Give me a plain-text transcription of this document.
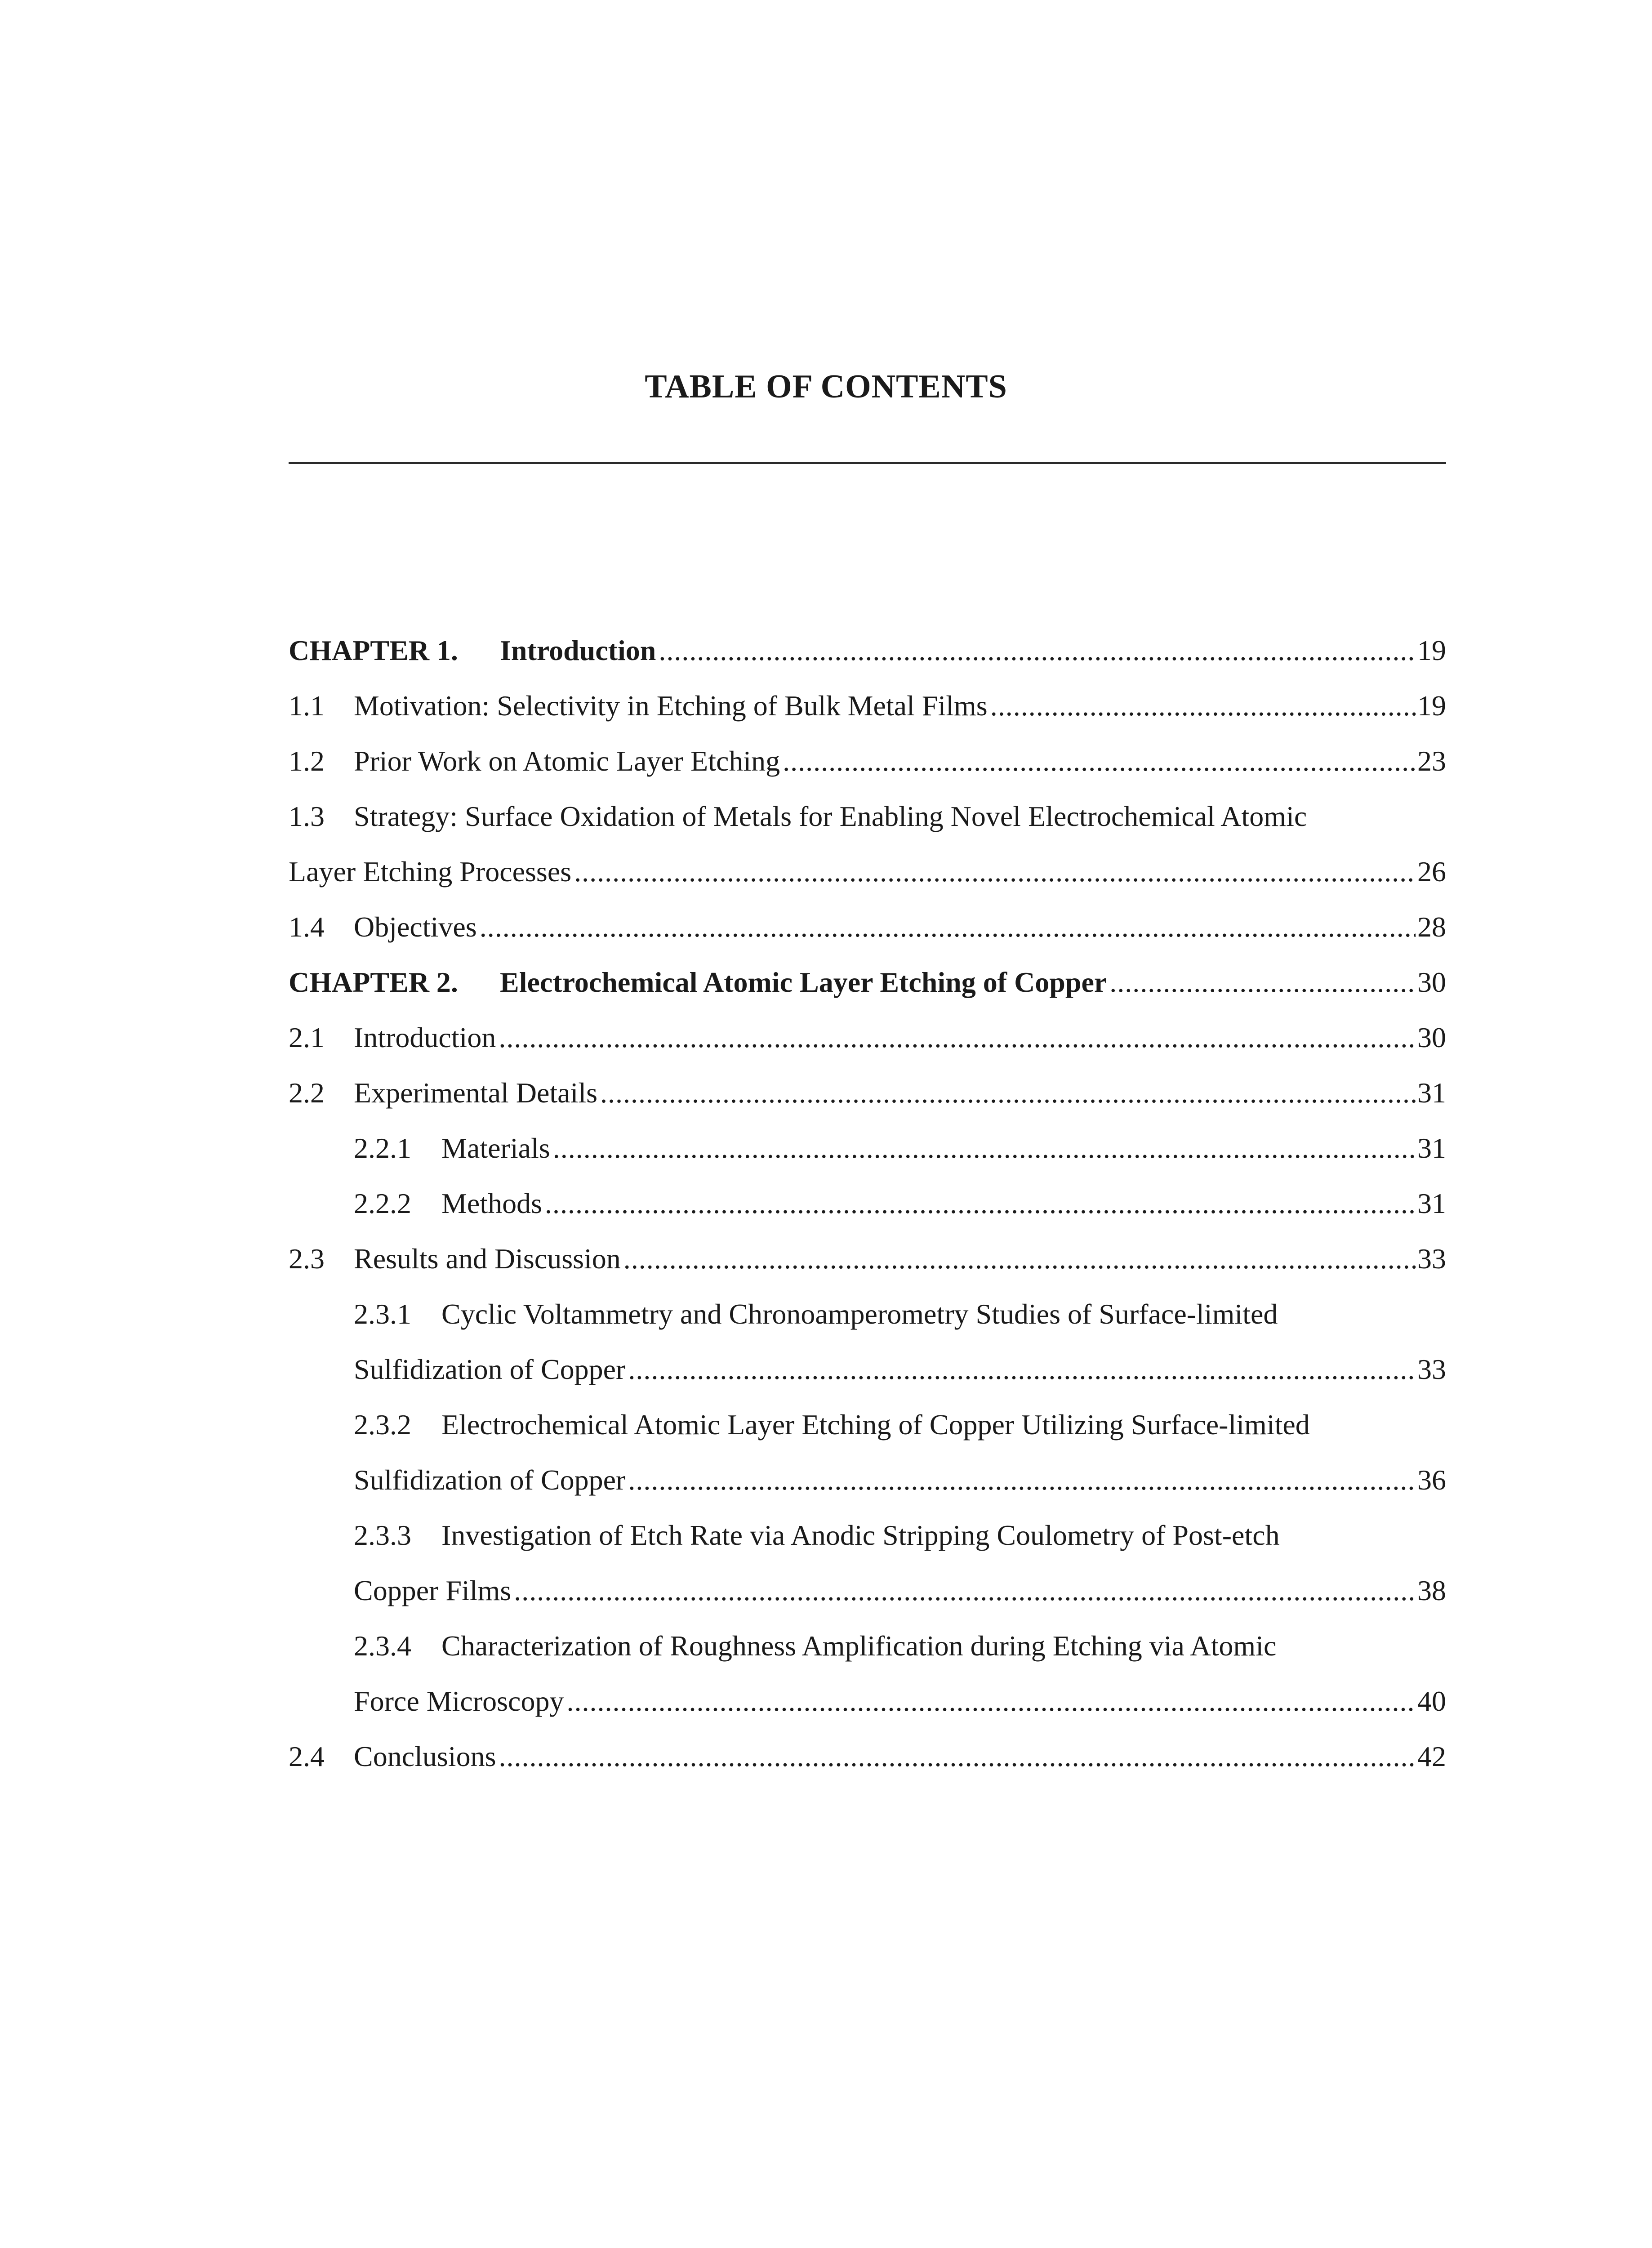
TABLE OF CONTENTS
CHAPTER 1. Introduction .....	19
1.1 Motivation: Selectivity in Etching of Bulk Metal Films .....	19
1.2 Prior Work on Atomic Layer Etching .....	23
1.3 Strategy: Surface Oxidation of Metals for Enabling Novel Electrochemical Atomic
Layer Etching Processes .....	26
1.4 Objectives .....	28
CHAPTER 2. Electrochemical Atomic Layer Etching of Copper .....	30
2.1 Introduction .....	30
2.2 Experimental Details .....	31
2.2.1 Materials .....	31
2.2.2 Methods .....	31
2.3 Results and Discussion .....	33
2.3.1 Cyclic Voltammetry and Chronoamperometry Studies of Surface-limited
Sulfidization of Copper .....	33
2.3.2 Electrochemical Atomic Layer Etching of Copper Utilizing Surface-limited
Sulfidization of Copper .....	36
2.3.3 Investigation of Etch Rate via Anodic Stripping Coulometry of Post-etch
Copper Films .....	38
2.3.4 Characterization of Roughness Amplification during Etching via Atomic
Force Microscopy .....	40
2.4 Conclusions .....	42
